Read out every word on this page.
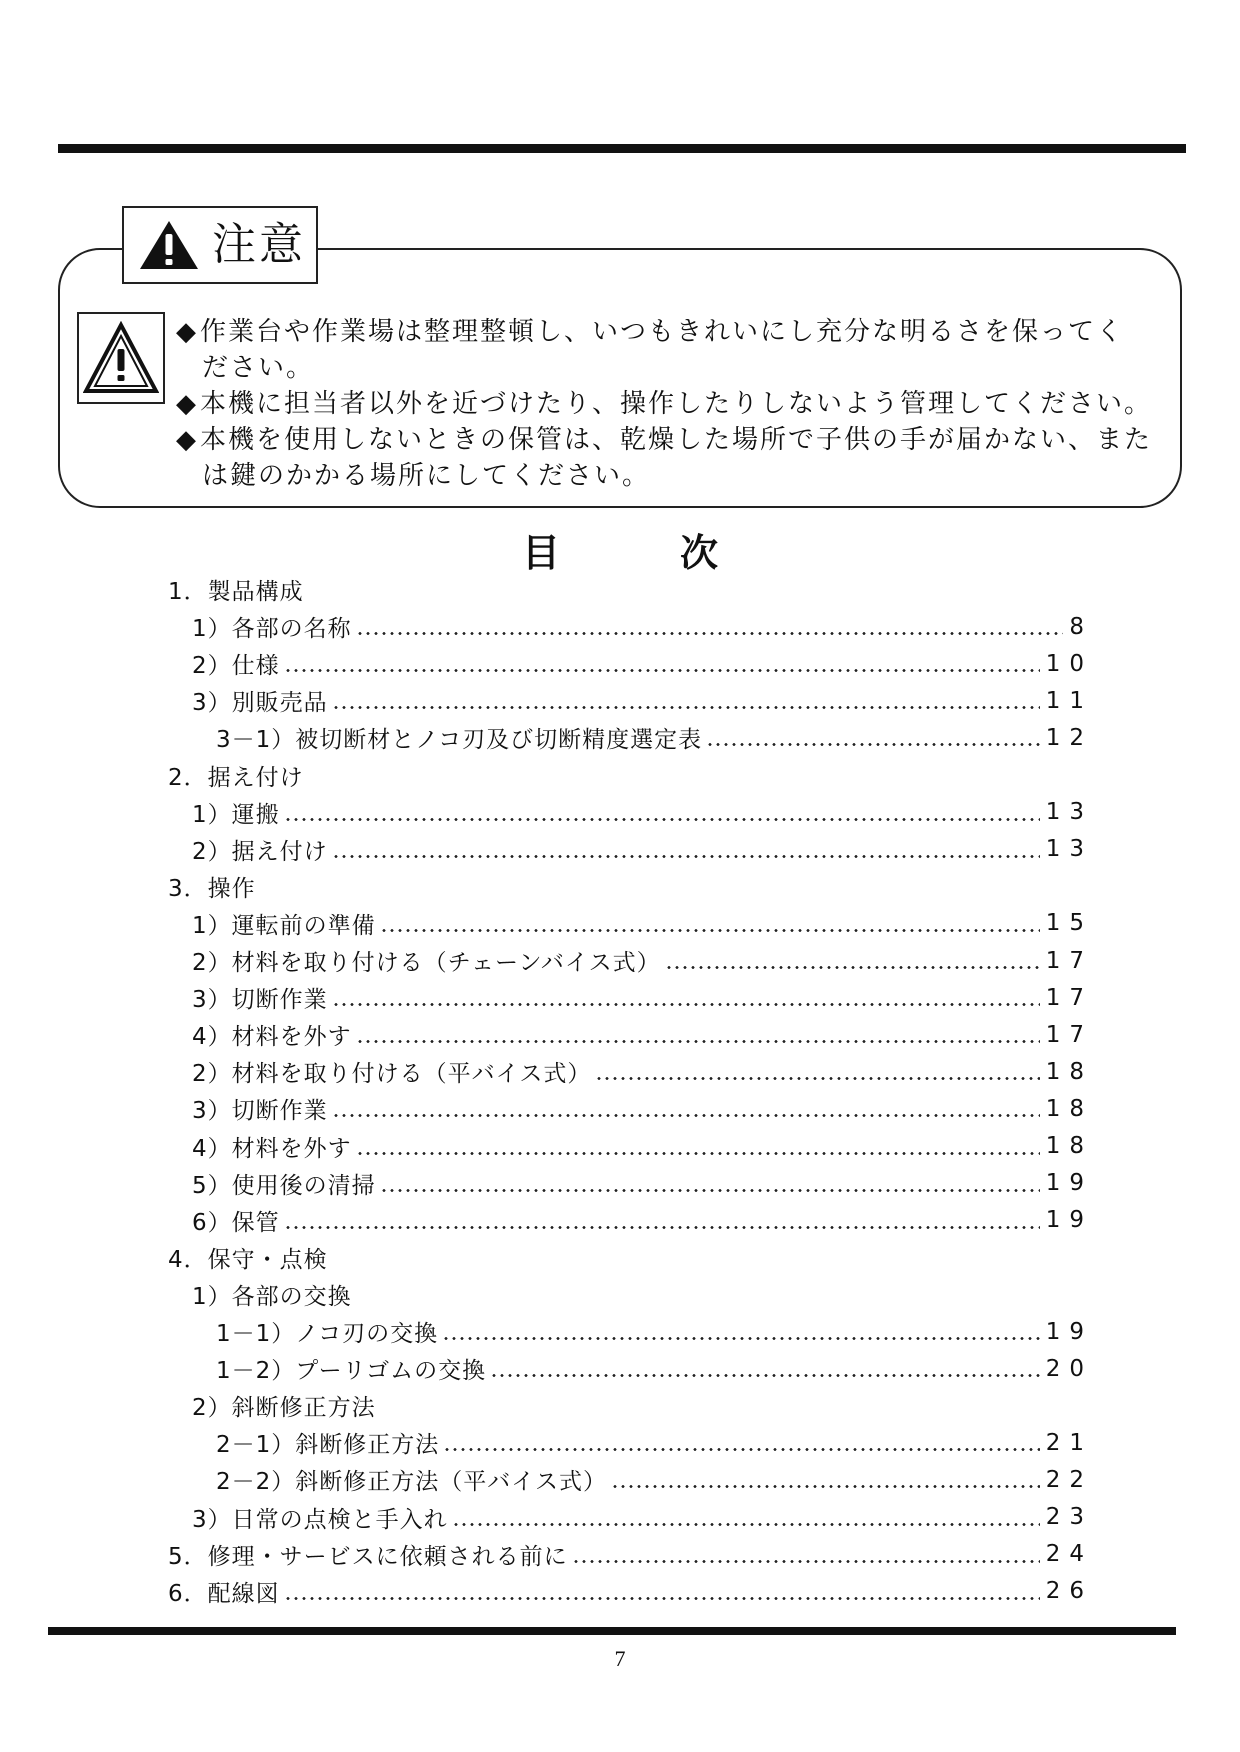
注意

◆作業台や作業場は整理整頓し、いつもきれいにし充分な明るさを保ってく
ださい。

◆本機に担当者以外を近づけたり、操作したりしないよう管理してください。

◆本機を使用しないときの保管は、乾燥した場所で子供の手が届かない、また
は鍵のかかる場所にしてください。

目次
1．製品構成
1）各部の名称	8
2）仕様	10
3）別販売品	11
3－1）被切断材とノコ刃及び切断精度選定表	12
2．据え付け
1）運搬	13
2）据え付け	13
3．操作
1）運転前の準備	15
2）材料を取り付ける（チェーンバイス式）	17
3）切断作業	17
4）材料を外す	17
2）材料を取り付ける（平バイス式）	18
3）切断作業	18
4）材料を外す	18
5）使用後の清掃	19
6）保管	19
4．保守・点検
1）各部の交換
1－1）ノコ刃の交換	19
1－2）プーリゴムの交換	20
2）斜断修正方法
2－1）斜断修正方法	21
2－2）斜断修正方法（平バイス式）	22
3）日常の点検と手入れ	23
5．修理・サービスに依頼される前に	24
6．配線図	26
7
